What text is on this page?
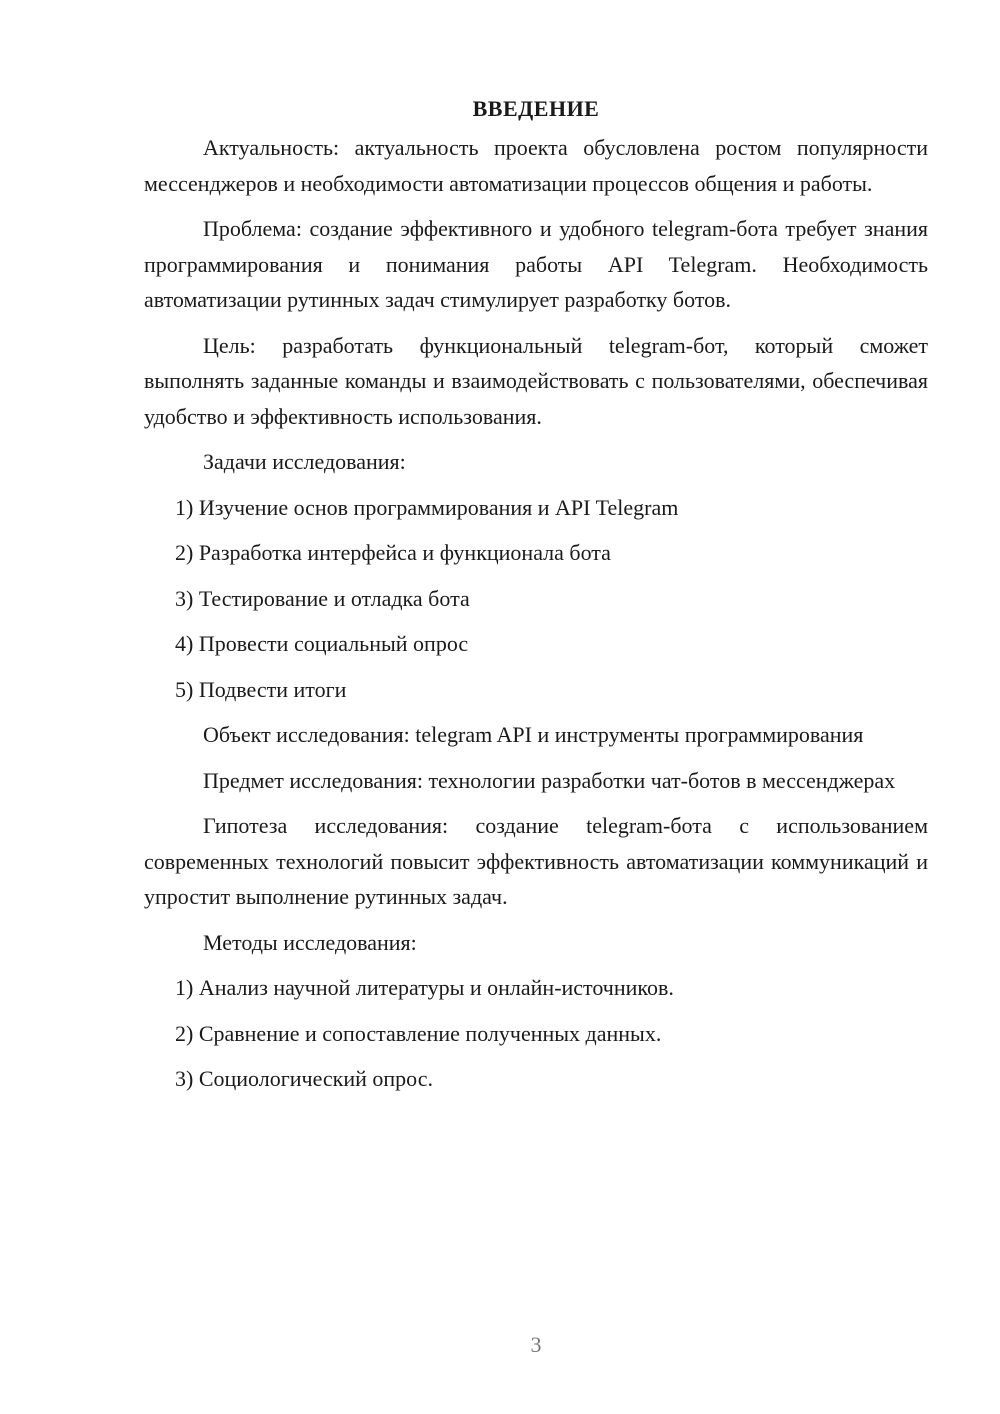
ВВЕДЕНИЕ

Актуальность: актуальность проекта обусловлена ростом популярности мессенджеров и необходимости автоматизации процессов общения и работы.

Проблема: создание эффективного и удобного telegram-бота требует знания программирования и понимания работы API Telegram. Необходимость автоматизации рутинных задач стимулирует разработку ботов.

Цель: разработать функциональный telegram-бот, который сможет выполнять заданные команды и взаимодействовать с пользователями, обеспечивая удобство и эффективность использования.

Задачи исследования:

1) Изучение основ программирования и API Telegram
2) Разработка интерфейса и функционала бота
3) Тестирование и отладка бота
4) Провести социальный опрос
5) Подвести итоги

Объект исследования: telegram API и инструменты программирования

Предмет исследования: технологии разработки чат-ботов в мессенджерах

Гипотеза исследования: создание telegram-бота с использованием современных технологий повысит эффективность автоматизации коммуникаций и упростит выполнение рутинных задач.

Методы исследования:

1) Анализ научной литературы и онлайн-источников.
2) Сравнение и сопоставление полученных данных.
3) Социологический опрос.
3
